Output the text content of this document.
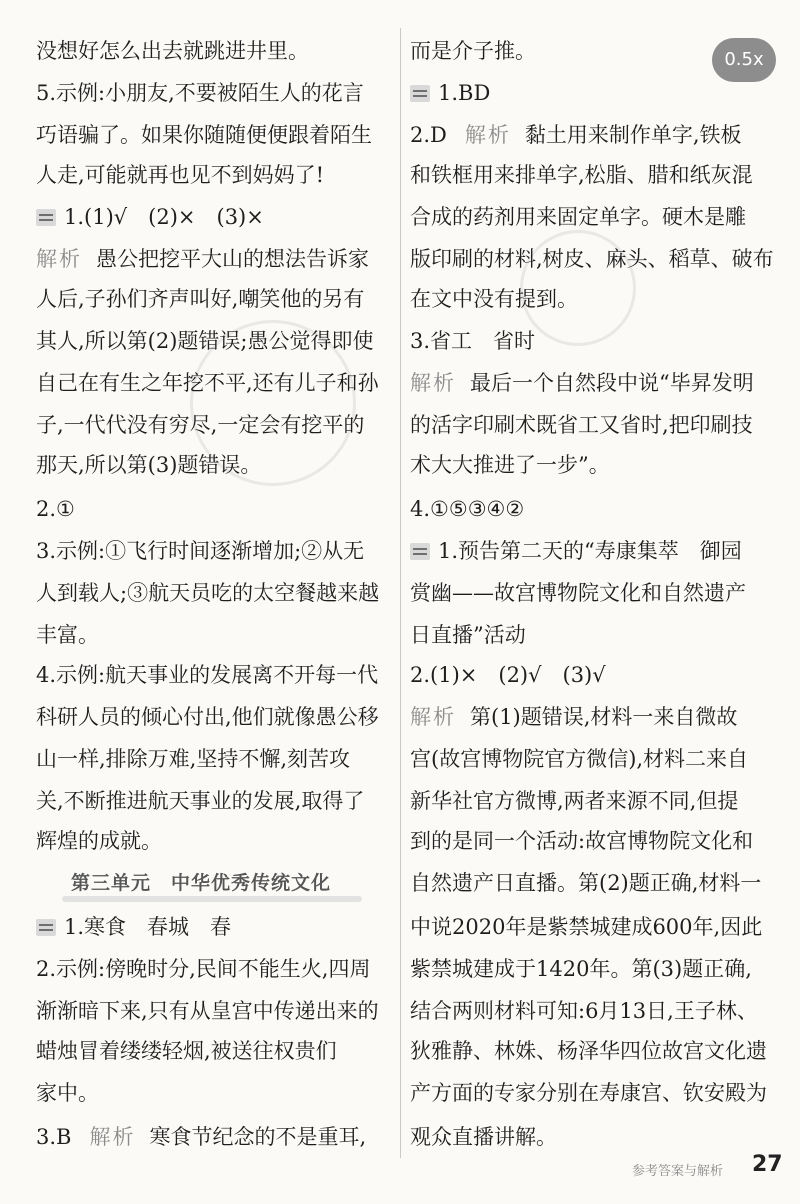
没想好怎么出去就跳进井里。
5.示例:小朋友,不要被陌生人的花言
巧语骗了。如果你随随便便跟着陌生
人走,可能就再也见不到妈妈了!
1.(1)√　(2)×　(3)×
解析 愚公把挖平大山的想法告诉家
人后,子孙们齐声叫好,嘲笑他的另有
其人,所以第(2)题错误;愚公觉得即使
自己在有生之年挖不平,还有儿子和孙
子,一代代没有穷尽,一定会有挖平的
那天,所以第(3)题错误。
2.①
3.示例:①飞行时间逐渐增加;②从无
人到载人;③航天员吃的太空餐越来越
丰富。
4.示例:航天事业的发展离不开每一代
科研人员的倾心付出,他们就像愚公移
山一样,排除万难,坚持不懈,刻苦攻
关,不断推进航天事业的发展,取得了
辉煌的成就。
1.寒食　春城　春
2.示例:傍晚时分,民间不能生火,四周
渐渐暗下来,只有从皇宫中传递出来的
蜡烛冒着缕缕轻烟,被送往权贵们
家中。
3.B 解析 寒食节纪念的不是重耳,
第三单元　中华优秀传统文化
而是介子推。
1.BD
2.D 解析 黏土用来制作单字,铁板
和铁框用来排单字,松脂、腊和纸灰混
合成的药剂用来固定单字。硬木是雕
版印刷的材料,树皮、麻头、稻草、破布
在文中没有提到。
3.省工　省时
解析 最后一个自然段中说“毕昇发明
的活字印刷术既省工又省时,把印刷技
术大大推进了一步”。
4.①⑤③④②
1.预告第二天的“寿康集萃　御园
赏幽——故宫博物院文化和自然遗产
日直播”活动
2.(1)×　(2)√　(3)√
解析 第(1)题错误,材料一来自微故
宫(故宫博物院官方微信),材料二来自
新华社官方微博,两者来源不同,但提
到的是同一个活动:故宫博物院文化和
自然遗产日直播。第(2)题正确,材料一
中说2020年是紫禁城建成600年,因此
紫禁城建成于1420年。第(3)题正确,
结合两则材料可知:6月13日,王子林、
狄雅静、林姝、杨泽华四位故宫文化遗
产方面的专家分别在寿康宫、钦安殿为
观众直播讲解。
0.5x
参考答案与解析 27
